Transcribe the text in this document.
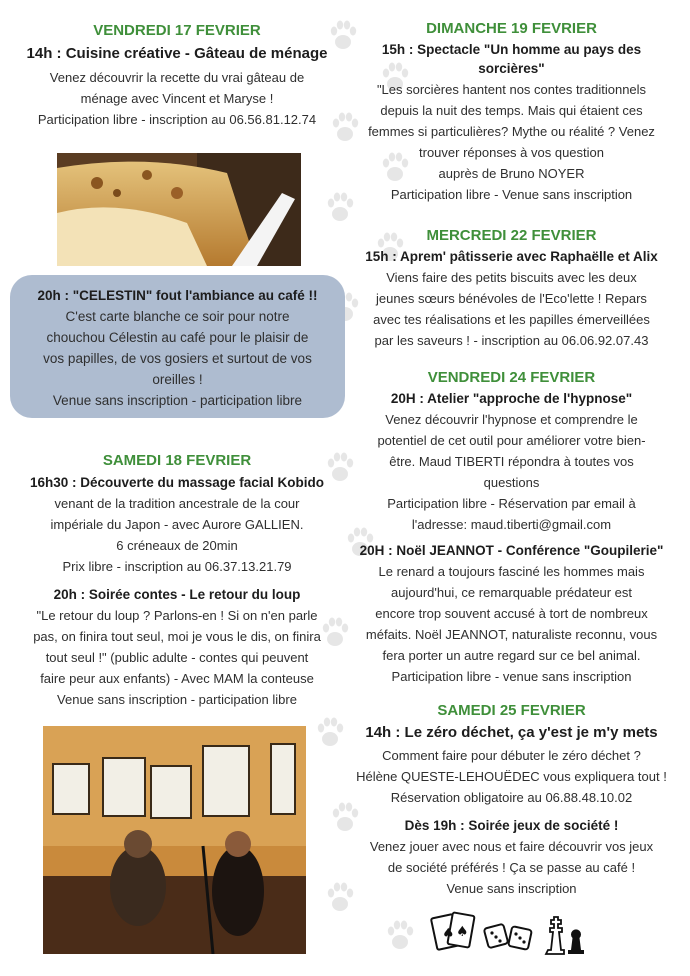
VENDREDI 17 FEVRIER
14h : Cuisine créative - Gâteau de ménage
Venez découvrir la recette du vrai gâteau de
ménage avec Vincent et Maryse !
Participation libre - inscription au 06.56.81.12.74
20h : "CELESTIN" fout l'ambiance au café !!
C'est carte blanche ce soir pour notre
chouchou Célestin au café pour le plaisir de
vos papilles, de vos gosiers et surtout de vos
oreilles !
Venue sans inscription - participation libre
SAMEDI 18 FEVRIER
16h30 : Découverte du massage facial Kobido
venant de la tradition ancestrale de la cour
impériale du Japon - avec Aurore GALLIEN.
6 créneaux de 20min
Prix libre - inscription au 06.37.13.21.79
20h : Soirée contes - Le retour du loup
"Le retour du loup ? Parlons-en ! Si on n'en parle
pas, on finira tout seul, moi je vous le dis, on finira
tout seul !" (public adulte - contes qui peuvent
faire peur aux enfants) - Avec MAM la conteuse
Venue sans inscription - participation libre
DIMANCHE 19 FEVRIER
15h : Spectacle "Un homme au pays des
sorcières"
"Les sorcières hantent nos contes traditionnels
depuis la nuit des temps. Mais qui étaient ces
femmes si particulières? Mythe ou réalité ? Venez
trouver réponses à vos question
auprès de Bruno NOYER
Participation libre - Venue sans inscription
MERCREDI 22 FEVRIER
15h : Aprem' pâtisserie avec Raphaëlle et Alix
Viens faire des petits biscuits avec les deux
jeunes sœurs bénévoles de l'Eco'lette ! Repars
avec tes réalisations et les papilles émerveillées
par les saveurs ! - inscription au 06.06.92.07.43
VENDREDI 24 FEVRIER
20H : Atelier "approche de l'hypnose"
Venez découvrir l'hypnose et comprendre le
potentiel de cet outil pour améliorer votre bien-
être. Maud TIBERTI répondra à toutes vos
questions
Participation libre - Réservation par email à
l'adresse: maud.tiberti@gmail.com
20H : Noël JEANNOT - Conférence "Goupilerie"
Le renard a toujours fasciné les hommes mais
aujourd'hui, ce remarquable prédateur est
encore trop souvent accusé à tort de nombreux
méfaits. Noël JEANNOT, naturaliste reconnu, vous
fera porter un autre regard sur ce bel animal.
Participation libre - venue sans inscription
SAMEDI 25 FEVRIER
14h : Le zéro déchet, ça y'est je m'y mets
Comment faire pour débuter le zéro déchet ?
Hélène QUESTE-LEHOUËDEC vous expliquera tout !
Réservation obligatoire au 06.88.48.10.02
Dès 19h : Soirée jeux de société !
Venez jouer avec nous et faire découvrir vos jeux
de société préférés ! Ça se passe au café !
Venue sans inscription
♠ ♠
